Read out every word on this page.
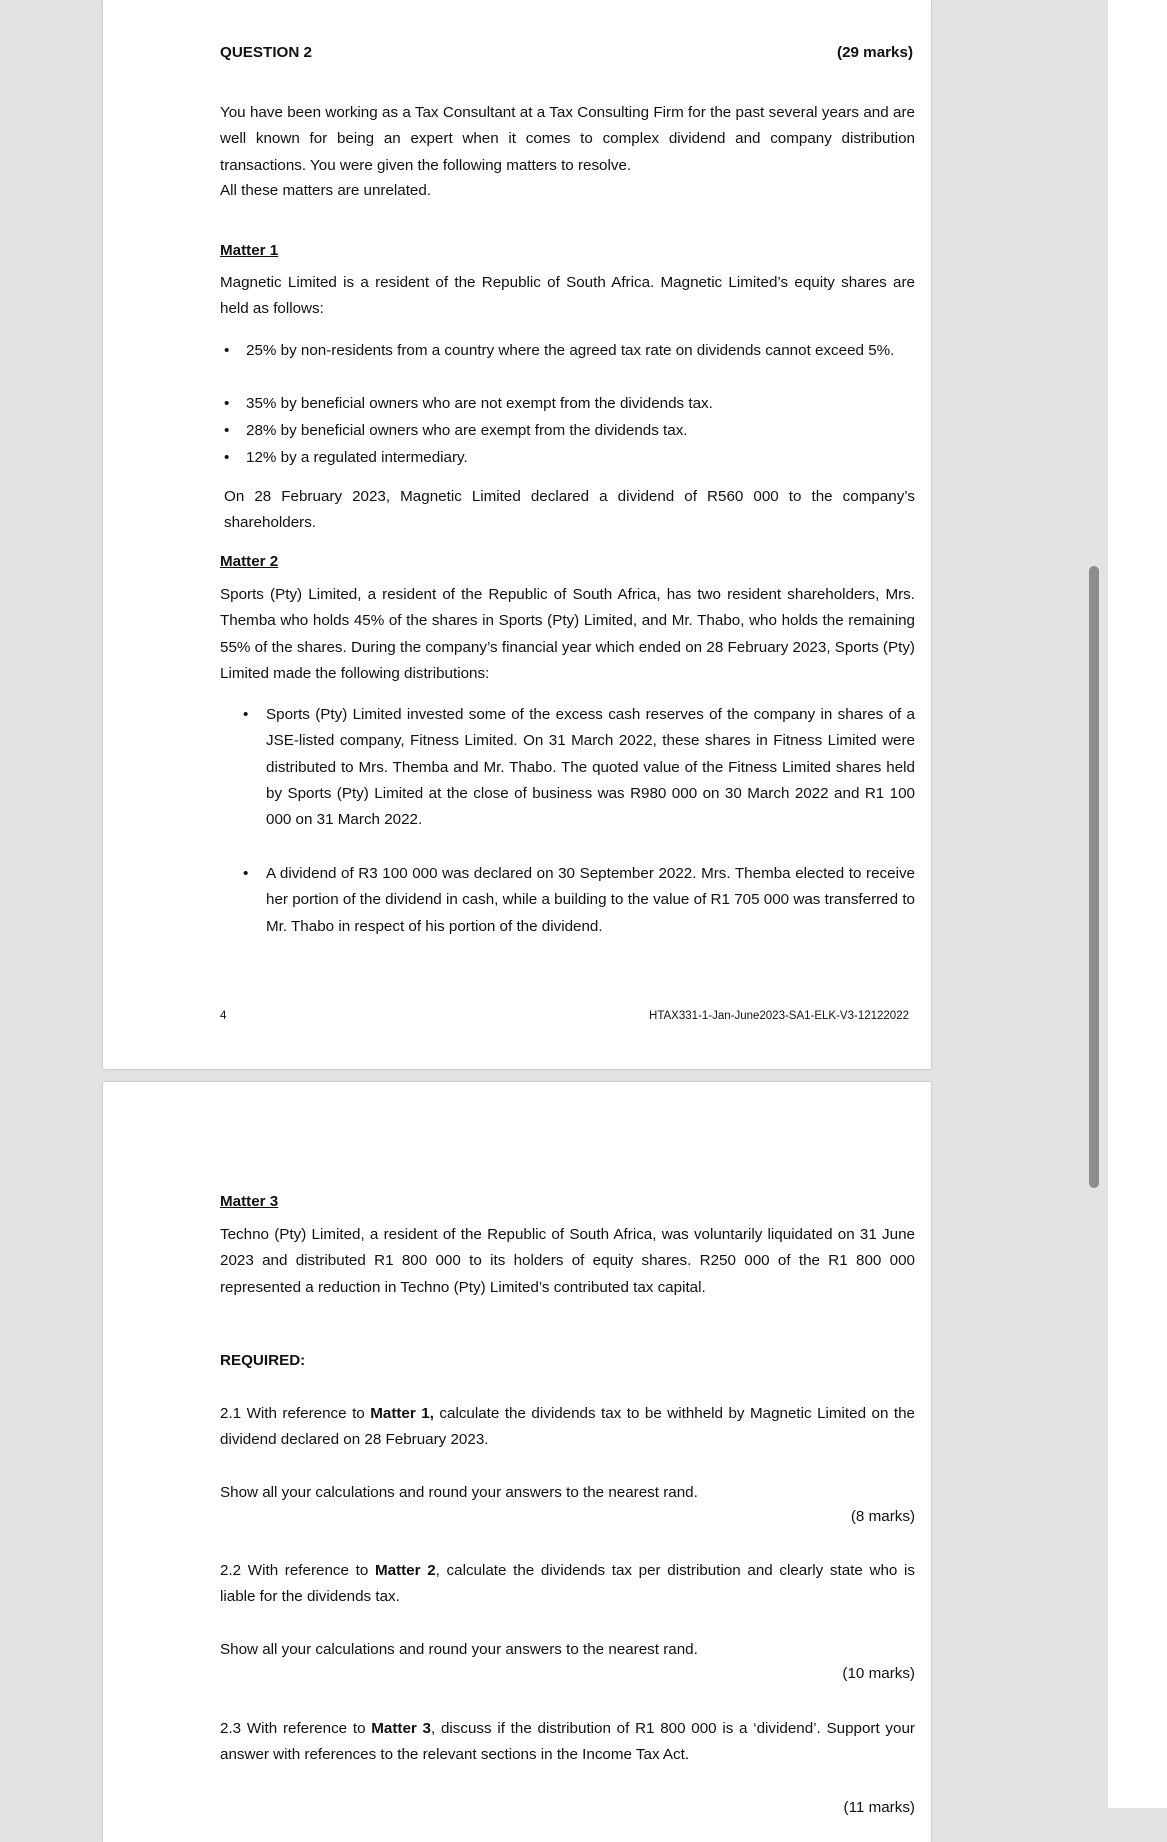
QUESTION 2	(29 marks)

You have been working as a Tax Consultant at a Tax Consulting Firm for the past several years and are well known for being an expert when it comes to complex dividend and company distribution transactions. You were given the following matters to resolve.

All these matters are unrelated.

Matter 1

Magnetic Limited is a resident of the Republic of South Africa. Magnetic Limited’s equity shares are held as follows:

• 25% by non-residents from a country where the agreed tax rate on dividends cannot exceed 5%.
• 35% by beneficial owners who are not exempt from the dividends tax.
• 28% by beneficial owners who are exempt from the dividends tax.
• 12% by a regulated intermediary.

On 28 February 2023, Magnetic Limited declared a dividend of R560 000 to the company’s shareholders.

Matter 2

Sports (Pty) Limited, a resident of the Republic of South Africa, has two resident shareholders, Mrs. Themba who holds 45% of the shares in Sports (Pty) Limited, and Mr. Thabo, who holds the remaining 55% of the shares. During the company’s financial year which ended on 28 February 2023, Sports (Pty) Limited made the following distributions:

• Sports (Pty) Limited invested some of the excess cash reserves of the company in shares of a JSE-listed company, Fitness Limited. On 31 March 2022, these shares in Fitness Limited were distributed to Mrs. Themba and Mr. Thabo. The quoted value of the Fitness Limited shares held by Sports (Pty) Limited at the close of business was R980 000 on 30 March 2022 and R1 100 000 on 31 March 2022.
• A dividend of R3 100 000 was declared on 30 September 2022. Mrs. Themba elected to receive her portion of the dividend in cash, while a building to the value of R1 705 000 was transferred to Mr. Thabo in respect of his portion of the dividend.
4	HTAX331-1-Jan-June2023-SA1-ELK-V3-12122022
Matter 3

Techno (Pty) Limited, a resident of the Republic of South Africa, was voluntarily liquidated on 31 June 2023 and distributed R1 800 000 to its holders of equity shares. R250 000 of the R1 800 000 represented a reduction in Techno (Pty) Limited’s contributed tax capital.

REQUIRED:

2.1 With reference to Matter 1, calculate the dividends tax to be withheld by Magnetic Limited on the dividend declared on 28 February 2023.

Show all your calculations and round your answers to the nearest rand.

(8 marks)

2.2 With reference to Matter 2, calculate the dividends tax per distribution and clearly state who is liable for the dividends tax.

Show all your calculations and round your answers to the nearest rand.

(10 marks)

2.3 With reference to Matter 3, discuss if the distribution of R1 800 000 is a ‘dividend’. Support your answer with references to the relevant sections in the Income Tax Act.

(11 marks)
